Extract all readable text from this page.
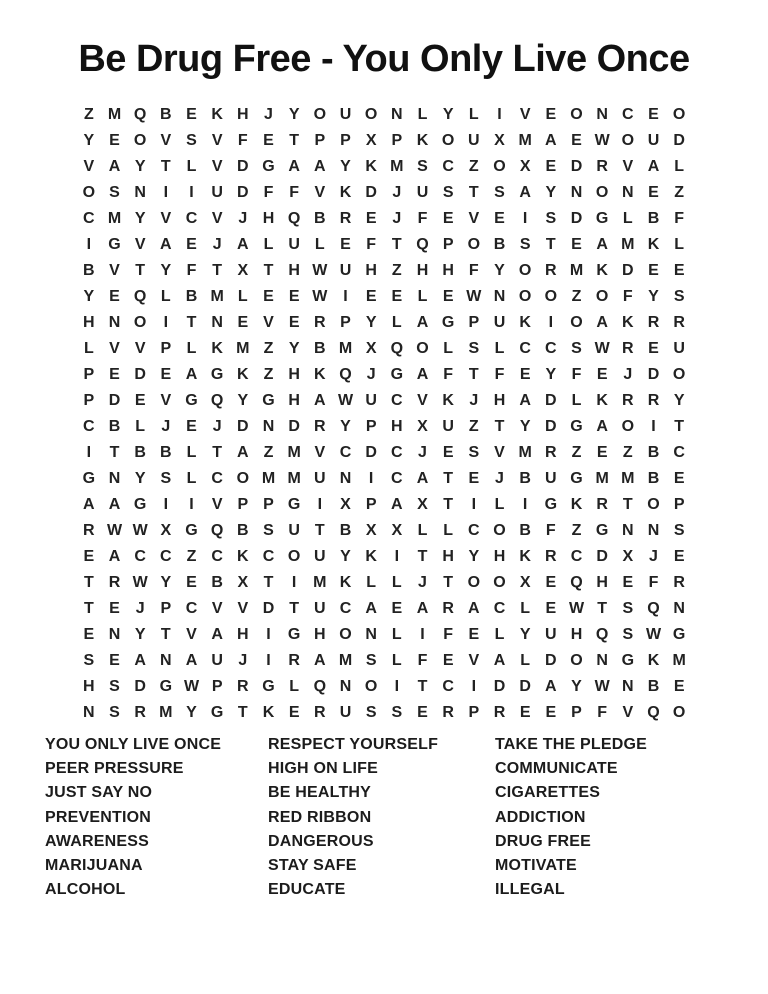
Be Drug Free - You Only Live Once
Z M Q B E K H J Y O U O N L Y L	I	V E O N C E O
Y E O V S V F E T P P X P K O U X M A E W O U D
V A Y T L V D G A A Y K M S C Z O X E D R V A L
O S N	I	I	U D F F V K D J U S T S A Y N O N E Z
C M Y V C V J H Q B R E J	F E V E	I	S D G L B F
I	G V A E J A L U L E F T Q P O B S T E A M K L
B V T Y F T X T H W U H Z H H F Y O R M K D E E
Y E Q L B M L E E W I	E E L E W N O O Z O F Y S
H N O	I	T N E V E R P Y L A G P U K	I	O A K R R
L V V P L K M Z Y B M X Q O L S L C C S W R E U
P E D E A G K Z H K Q J G A F T F E Y F E J D O
P D E V G Q Y G H A W U C V K J H A D L K R R Y
C B L	J E J D N D R Y P H X U Z T Y D G A O	I	T
I	T B B L T A Z M V C D C J E S V M R Z E Z B C
G N Y S L C O M M U N	I	C A T E J B U G M M B E
A A G	I	I	V P P G	I	X P A X T	I	L	I	G K R T O P
R W W X G Q B S U T B X X L L C O B F Z G N N S
E A C C Z C K C O U Y K	I	T H Y H K R C D X J E
T R W Y E B X T	I	M K L L	J	T O O X E Q H E F R
T E J P C V V D T U C A E A R A C L E W T S Q N
E N Y T V A H	I	G H O N L	I	F E L Y U H Q S W G
S E A N A U J	I	R A M S L F E V A L D O N G K M
H S D G W P R G L Q N O	I	T C	I	D D A Y W N B E
N S R M Y G T K E R U S S E R P R E E P F V Q O
YOU ONLY LIVE ONCE
PEER PRESSURE
JUST SAY NO
PREVENTION
AWARENESS
MARIJUANA
ALCOHOL
RESPECT YOURSELF
HIGH ON LIFE
BE HEALTHY
RED RIBBON
DANGEROUS
STAY SAFE
EDUCATE
TAKE THE PLEDGE
COMMUNICATE
CIGARETTES
ADDICTION
DRUG FREE
MOTIVATE
ILLEGAL
